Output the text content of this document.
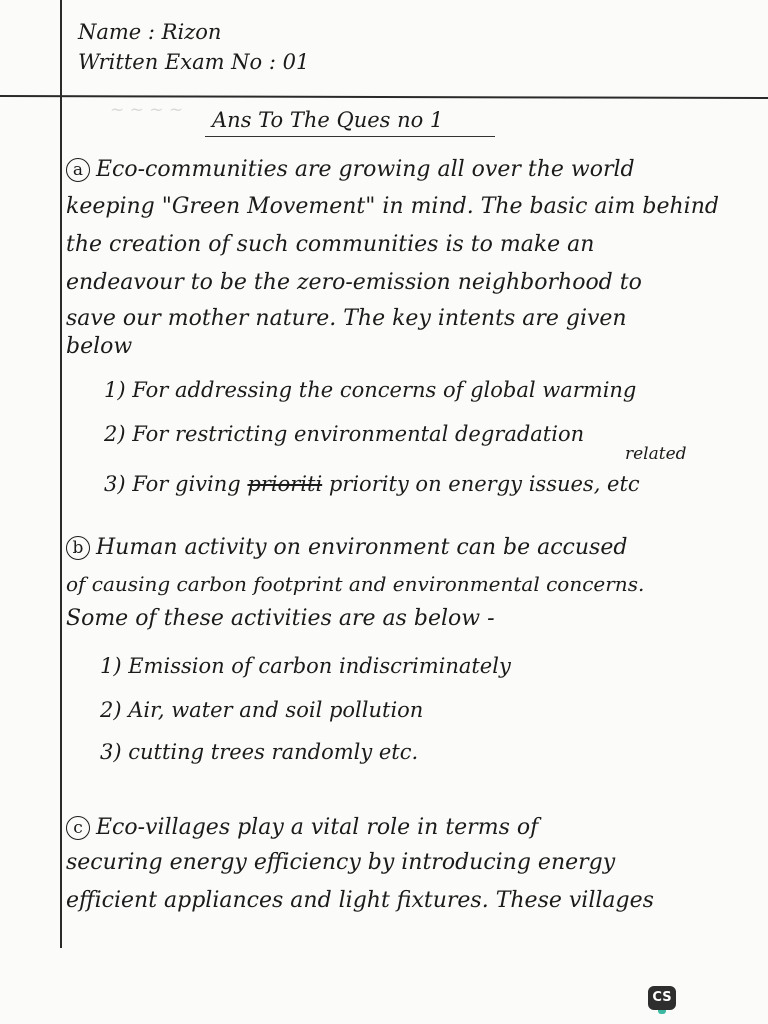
~ ~ ~ ~
Name : Rizon
Written Exam No : 01
Ans To The Ques no 1
a Eco-communities are growing all over the world
keeping "Green Movement" in mind. The basic aim behind
the creation of such communities is to make an
endeavour to be the zero-emission neighborhood to
save our mother nature. The key intents are given
below
1) For addressing the concerns of global warming
2) For restricting environmental degradation
related
3) For giving prioriti priority on energy issues, etc
b Human activity on environment can be accused
of causing carbon footprint and environmental concerns.
Some of these activities are as below -
1) Emission of carbon indiscriminately
2) Air, water and soil pollution
3) cutting trees randomly etc.
c Eco-villages play a vital role in terms of
securing energy efficiency by introducing energy
efficient appliances and light fixtures. These villages
CS
